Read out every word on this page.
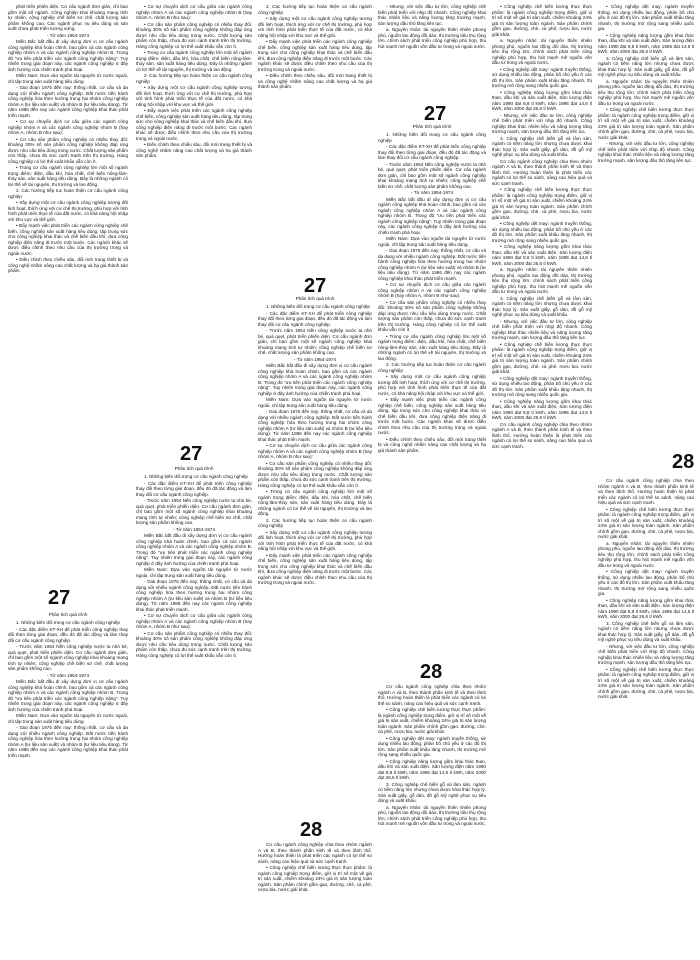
phát triển phiến diện. Cơ cấu ngành đơn giản, chỉ bao gồm một số ngành. Công nghiệp khai khoáng mang tính tự nhiên, công nghiệp chế biến sơ chế, chất lượng sản phẩm không cao. Các ngành phục vụ tiêu dùng và sản xuất chưa phát triển tương xứng.

- Từ năm 1954-1974

Miền Bắc bắt đầu đi xây dựng đơn vị cơ cấu ngành công nghiệp khá hoàn chỉnh, bao gồm cả các ngành công nghiệp nhóm A và các ngành công nghiệp nhóm B. Trong đó "ưu tiên phát triển các ngành công nghiệp nặng". Tuy nhiên trong giai đoạn này, các ngành công nghiệp ở đây ảnh hưởng của chiến tranh phá hoại.

Miền Nam: Dựa vào nguồn tài nguyên từ nước ngoài, chỉ tập trung sản xuất hàng tiêu dùng.

- Giai đoạn 1975 đến nay: thống nhất, cơ cấu và da dạng với nhiều ngành công nghiệp. Đất nước tiến hành công nghiệp hóa theo hướng trung hai nhóm công nghiệp nhóm A (tư liệu sản xuất) và nhóm B (tư liệu tiêu dùng). Từ năm 1986 đến nay các ngành công nghiệp khai thác phát triển mạnh.

• Cơ sự chuyển dịch cơ cấu giữa các ngành công nghiệp nhóm A và các ngành công nghiệp nhóm B (hay nhóm A, nhóm B như sau):

• Cơ cấu sản phẩm công nghiệp có nhiều thay đổi: khoảng 30% số sản phẩm công nghiệp không đáp ứng được nhu cầu tiêu dùng trong nước. Chất lượng sản phẩm còn thấp, chưa đủ sức cạnh tranh trên thị trường. Hàng công nghiệp có lợi thế xuất khẩu vẫn còn ít.

• Trong cơ cấu ngành công nghiệp lớn một số ngành trọng điểm: điện, dầu khí, hóa chất, chế biến nông-lâm-thủy sản, sản xuất hàng tiêu dùng. Đây là những ngành có lợi thế về tài nguyên, thị trường và lao động.

2. Các hướng tiếp tục hoàn thiện cơ cấu ngành công nghiệp

• Xây dựng một cơ cấu ngành công nghiệp tương đối linh hoạt, thích ứng với cơ chế thị trường, phù hợp với tình hình phát triển thực tế của đất nước, có khả năng hội nhập với khu vực và thế giới.

• Đẩy mạnh việc phát triển các ngành công nghiệp chế biến, công nghiệp sản xuất hàng tiêu dùng, tập trung sức cho công nghiệp khai thác và chế biến dầu khí, đưa công nghiệp điện năng đi trước một bước. Các ngành khác sẽ được điều chỉnh theo nhu cầu của thị trường trong và ngoài nước.

• Điều chỉnh theo chiều sâu, đổi mới trang thiết bị và công nghệ nhằm nâng cao chất lượng và hạ giá thành sản phẩm.

27
Phân tích quá trình

1. Những biến đổi trong cơ cấu ngành công nghiệp

- Các đặc điểm KT-XH để phát triển công nghiệp thay đổi theo từng giai đoạn, đều đó đã tác động và làm thay đổi cơ cấu ngành công nghiệp.

- Trước năm 1954 Nền công nghiệp nước ta nhỏ bé, quá quẹt, phát triển phiến diện. Cơ cấu ngành đơn giản, chỉ bao gồm một số ngành công nghiệp khai khoáng mang tính tự nhiên; công nghiệp chế biến sơ chế, chất lượng sản phẩm không cao.

- Từ năm 1954-1974

Miền Bắc bắt đầu đi xây dựng đơn vị cơ cấu ngành công nghiệp khá hoàn chỉnh, bao gồm cả các ngành công nghiệp nhóm A và các ngành công nghiệp nhóm B. Trong đó "ưu tiên phát triển các ngành công nghiệp nặng". Tuy nhiên trong giai đoạn này, các ngành công nghiệp ở đây ảnh hưởng của chiến tranh phá hoại.

Miền Nam: Dựa vào nguồn tài nguyên từ nước ngoài, chỉ tập trung sản xuất hàng tiêu dùng.

- Giai đoạn 1975 đến nay: thống nhất, cơ cấu và da dạng với nhiều ngành công nghiệp. Đất nước tiến hành công nghiệp hóa theo hướng trung hai nhóm công nghiệp nhóm A (tư liệu sản xuất) và nhóm B (tư liệu tiêu dùng). Từ năm 1986 đến nay các ngành công nghiệp khai thác phát triển mạnh.

• Cơ sự chuyển dịch cơ cấu giữa các ngành công nghiệp nhóm A và các ngành công nghiệp nhóm B (hay nhóm A, nhóm B như sau):

• Cơ cấu sản phẩm công nghiệp có nhiều thay đổi: khoảng 30% số sản phẩm công nghiệp không đáp ứng được nhu cầu tiêu dùng trong nước. Chất lượng sản phẩm còn thấp, chưa đủ sức cạnh tranh trên thị trường. Hàng công nghiệp có lợi thế xuất khẩu vẫn còn ít.

• Trong cơ cấu ngành công nghiệp lớn một số ngành trọng điểm: điện, dầu khí, hóa chất, chế biến nông-lâm-thủy sản, sản xuất hàng tiêu dùng. Đây là những ngành có lợi thế về tài nguyên, thị trường và lao động.

2. Các hướng tiếp tục hoàn thiện cơ cấu ngành công nghiệp

• Xây dựng một cơ cấu ngành công nghiệp tương đối linh hoạt, thích ứng với cơ chế thị trường, phù hợp với tình hình phát triển thực tế của đất nước, có khả năng hội nhập với khu vực và thế giới.

• Đẩy mạnh việc phát triển các ngành công nghiệp chế biến, công nghiệp sản xuất hàng tiêu dùng, tập trung sức cho công nghiệp khai thác và chế biến dầu khí, đưa công nghiệp điện năng đi trước một bước. Các ngành khác sẽ được điều chỉnh theo nhu cầu của thị trường trong và ngoài nước.

• Điều chỉnh theo chiều sâu, đổi mới trang thiết bị và công nghệ nhằm nâng cao chất lượng và hạ giá thành sản phẩm.

27
Phân tích quá trình

1. Những biến đổi trong cơ cấu ngành công nghiệp

- Các đặc điểm KT-XH để phát triển công nghiệp thay đổi theo từng giai đoạn, đều đó đã tác động và làm thay đổi cơ cấu ngành công nghiệp.

- Trước năm 1954 Nền công nghiệp nước ta nhỏ bé, quá quẹt, phát triển phiến diện. Cơ cấu ngành đơn giản, chỉ bao gồm một số ngành công nghiệp khai khoáng mang tính tự nhiên; công nghiệp chế biến sơ chế, chất lượng sản phẩm không cao.

- Từ năm 1954-1974

Miền Bắc bắt đầu đi xây dựng đơn vị cơ cấu ngành công nghiệp khá hoàn chỉnh, bao gồm cả các ngành công nghiệp nhóm A và các ngành công nghiệp nhóm B. Trong đó "ưu tiên phát triển các ngành công nghiệp nặng". Tuy nhiên trong giai đoạn này, các ngành công nghiệp ở đây ảnh hưởng của chiến tranh phá hoại.

Miền Nam: Dựa vào nguồn tài nguyên từ nước ngoài, chỉ tập trung sản xuất hàng tiêu dùng.

- Giai đoạn 1975 đến nay: thống nhất, cơ cấu và da dạng với nhiều ngành công nghiệp. Đất nước tiến hành công nghiệp hóa theo hướng trung hai nhóm công nghiệp nhóm A (tư liệu sản xuất) và nhóm B (tư liệu tiêu dùng). Từ năm 1986 đến nay các ngành công nghiệp khai thác phát triển mạnh.

• Cơ sự chuyển dịch cơ cấu giữa các ngành công nghiệp nhóm A và các ngành công nghiệp nhóm B (hay nhóm A, nhóm B như sau):

• Cơ cấu sản phẩm công nghiệp có nhiều thay đổi: khoảng 30% số sản phẩm công nghiệp không đáp ứng được nhu cầu tiêu dùng trong nước. Chất lượng sản phẩm còn thấp, chưa đủ sức cạnh tranh trên thị trường. Hàng công nghiệp có lợi thế xuất khẩu vẫn còn ít.

2. Các hướng tiếp tục hoàn thiện cơ cấu ngành công nghiệp

• Xây dựng một cơ cấu ngành công nghiệp tương đối linh hoạt, thích ứng với cơ chế thị trường, phù hợp với tình hình phát triển thực tế của đất nước, có khả năng hội nhập với khu vực và thế giới.

• Đẩy mạnh việc phát triển các ngành công nghiệp chế biến, công nghiệp sản xuất hàng tiêu dùng, tập trung sức cho công nghiệp khai thác và chế biến dầu khí, đưa công nghiệp điện năng đi trước một bước. Các ngành khác sẽ được điều chỉnh theo nhu cầu của thị trường trong và ngoài nước.

• Điều chỉnh theo chiều sâu, đổi mới trang thiết bị và công nghệ nhằm nâng cao chất lượng và hạ giá thành sản phẩm.

27
Phân tích quá trình

1. Những biến đổi trong cơ cấu ngành công nghiệp

- Các đặc điểm KT-XH để phát triển công nghiệp thay đổi theo từng giai đoạn, đều đó đã tác động và làm thay đổi cơ cấu ngành công nghiệp.

- Trước năm 1954 Nền công nghiệp nước ta nhỏ bé, quá quẹt, phát triển phiến diện. Cơ cấu ngành đơn giản, chỉ bao gồm một số ngành công nghiệp khai khoáng mang tính tự nhiên; công nghiệp chế biến sơ chế, chất lượng sản phẩm không cao.

- Từ năm 1954-1974

Miền Bắc bắt đầu đi xây dựng đơn vị cơ cấu ngành công nghiệp khá hoàn chỉnh, bao gồm cả các ngành công nghiệp nhóm A và các ngành công nghiệp nhóm B. Trong đó "ưu tiên phát triển các ngành công nghiệp nặng". Tuy nhiên trong giai đoạn này, các ngành công nghiệp ở đây ảnh hưởng của chiến tranh phá hoại.

Miền Nam: Dựa vào nguồn tài nguyên từ nước ngoài, chỉ tập trung sản xuất hàng tiêu dùng.

- Giai đoạn 1975 đến nay: thống nhất, cơ cấu và da dạng với nhiều ngành công nghiệp. Đất nước tiến hành công nghiệp hóa theo hướng trung hai nhóm công nghiệp nhóm A (tư liệu sản xuất) và nhóm B (tư liệu tiêu dùng). Từ năm 1986 đến nay các ngành công nghiệp khai thác phát triển mạnh.

• Cơ sự chuyển dịch cơ cấu giữa các ngành công nghiệp nhóm A và các ngành công nghiệp nhóm B (hay nhóm A, nhóm B như sau):

• Cơ cấu sản phẩm công nghiệp có nhiều thay đổi: khoảng 30% số sản phẩm công nghiệp không đáp ứng được nhu cầu tiêu dùng trong nước. Chất lượng sản phẩm còn thấp, chưa đủ sức cạnh tranh trên thị trường. Hàng công nghiệp có lợi thế xuất khẩu vẫn còn ít.

• Trong cơ cấu ngành công nghiệp lớn một số ngành trọng điểm: điện, dầu khí, hóa chất, chế biến nông-lâm-thủy sản, sản xuất hàng tiêu dùng. Đây là những ngành có lợi thế về tài nguyên, thị trường và lao động.

2. Các hướng tiếp tục hoàn thiện cơ cấu ngành công nghiệp

• Xây dựng một cơ cấu ngành công nghiệp tương đối linh hoạt, thích ứng với cơ chế thị trường, phù hợp với tình hình phát triển thực tế của đất nước, có khả năng hội nhập với khu vực và thế giới.

• Đẩy mạnh việc phát triển các ngành công nghiệp chế biến, công nghiệp sản xuất hàng tiêu dùng, tập trung sức cho công nghiệp khai thác và chế biến dầu khí, đưa công nghiệp điện năng đi trước một bước. Các ngành khác sẽ được điều chỉnh theo nhu cầu của thị trường trong và ngoài nước.

28

Cơ cấu ngành công nghiệp chia theo nhóm ngành A và B, theo thành phần kinh tế và theo lãnh thổ. Hướng hoàn thiện là phát triển các ngành có lợi thế so sánh, nâng cao hiệu quả và sức cạnh tranh.

• Công nghiệp chế biến lương thực thực phẩm: là ngành công nghiệp trọng điểm, giữ vị trí số một về giá trị sản xuất, chiếm khoảng 24% giá trị sản lượng toàn ngành. Sản phẩm chính gồm gạo, đường, chè, cà phê, rượu bia, nước giải khát.

- Nhưng, với việc đầu tư lớn, công nghiệp chế biến phát triển với nhịp độ nhanh. Công nghiệp khai thác nhiên liệu và năng lượng tăng trưởng mạnh, sản lượng dầu thô tăng liên tục.

a. Nguyên nhân: tài nguyên thiên nhiên phong phú, nguồn lao động dồi dào, thị trường tiêu thụ rộng lớn, chính sách phát triển công nghiệp phù hợp, thu hút mạnh mẽ nguồn vốn đầu tư trong và ngoài nước.

27
Phân tích quá trình

1. Những biến đổi trong cơ cấu ngành công nghiệp

- Các đặc điểm KT-XH để phát triển công nghiệp thay đổi theo từng giai đoạn, đều đó đã tác động và làm thay đổi cơ cấu ngành công nghiệp.

- Trước năm 1954 Nền công nghiệp nước ta nhỏ bé, quá quẹt, phát triển phiến diện. Cơ cấu ngành đơn giản, chỉ bao gồm một số ngành công nghiệp khai khoáng mang tính tự nhiên; công nghiệp chế biến sơ chế, chất lượng sản phẩm không cao.

- Từ năm 1954-1974

Miền Bắc bắt đầu đi xây dựng đơn vị cơ cấu ngành công nghiệp khá hoàn chỉnh, bao gồm cả các ngành công nghiệp nhóm A và các ngành công nghiệp nhóm B. Trong đó "ưu tiên phát triển các ngành công nghiệp nặng". Tuy nhiên trong giai đoạn này, các ngành công nghiệp ở đây ảnh hưởng của chiến tranh phá hoại.

Miền Nam: Dựa vào nguồn tài nguyên từ nước ngoài, chỉ tập trung sản xuất hàng tiêu dùng.

- Giai đoạn 1975 đến nay: thống nhất, cơ cấu và da dạng với nhiều ngành công nghiệp. Đất nước tiến hành công nghiệp hóa theo hướng trung hai nhóm công nghiệp nhóm A (tư liệu sản xuất) và nhóm B (tư liệu tiêu dùng). Từ năm 1986 đến nay các ngành công nghiệp khai thác phát triển mạnh.

• Cơ sự chuyển dịch cơ cấu giữa các ngành công nghiệp nhóm A và các ngành công nghiệp nhóm B (hay nhóm A, nhóm B như sau):

• Cơ cấu sản phẩm công nghiệp có nhiều thay đổi: khoảng 30% số sản phẩm công nghiệp không đáp ứng được nhu cầu tiêu dùng trong nước. Chất lượng sản phẩm còn thấp, chưa đủ sức cạnh tranh trên thị trường. Hàng công nghiệp có lợi thế xuất khẩu vẫn còn ít.

• Trong cơ cấu ngành công nghiệp lớn một số ngành trọng điểm: điện, dầu khí, hóa chất, chế biến nông-lâm-thủy sản, sản xuất hàng tiêu dùng. Đây là những ngành có lợi thế về tài nguyên, thị trường và lao động.

2. Các hướng tiếp tục hoàn thiện cơ cấu ngành công nghiệp

• Xây dựng một cơ cấu ngành công nghiệp tương đối linh hoạt, thích ứng với cơ chế thị trường, phù hợp với tình hình phát triển thực tế của đất nước, có khả năng hội nhập với khu vực và thế giới.

• Đẩy mạnh việc phát triển các ngành công nghiệp chế biến, công nghiệp sản xuất hàng tiêu dùng, tập trung sức cho công nghiệp khai thác và chế biến dầu khí, đưa công nghiệp điện năng đi trước một bước. Các ngành khác sẽ được điều chỉnh theo nhu cầu của thị trường trong và ngoài nước.

• Điều chỉnh theo chiều sâu, đổi mới trang thiết bị và công nghệ nhằm nâng cao chất lượng và hạ giá thành sản phẩm.

28

Cơ cấu ngành công nghiệp chia theo nhóm ngành A và B, theo thành phần kinh tế và theo lãnh thổ. Hướng hoàn thiện là phát triển các ngành có lợi thế so sánh, nâng cao hiệu quả và sức cạnh tranh.

• Công nghiệp chế biến lương thực thực phẩm: là ngành công nghiệp trọng điểm, giữ vị trí số một về giá trị sản xuất, chiếm khoảng 24% giá trị sản lượng toàn ngành. Sản phẩm chính gồm gạo, đường, chè, cà phê, rượu bia, nước giải khát.

• Công nghiệp dệt may: ngành truyền thống, sử dụng nhiều lao động, phân bố chủ yếu ở các đô thị lớn. Sản phẩm xuất khẩu tăng nhanh, thị trường mở rộng sang nhiều quốc gia.

• Công nghiệp năng lượng gồm khai thác than, dầu khí và sản xuất điện. Sản lượng điện năm 1990 đạt 8,8 tỉ kWh, năm 1995 đạt 14,6 tỉ kWh, năm 2000 đạt 26,6 tỉ kWh.

3. Công nghiệp chế biến gỗ và lâm sản, ngành có tiềm năng lớn nhưng chưa được khai thác hợp lý. Sản xuất giấy, gỗ dán, đồ gỗ mỹ nghệ phục vụ tiêu dùng và xuất khẩu.

a. Nguyên nhân: tài nguyên thiên nhiên phong phú, nguồn lao động dồi dào, thị trường tiêu thụ rộng lớn, chính sách phát triển công nghiệp phù hợp, thu hút mạnh mẽ nguồn vốn đầu tư trong và ngoài nước.

• Công nghiệp chế biến lương thực thực phẩm: là ngành công nghiệp trọng điểm, giữ vị trí số một về giá trị sản xuất, chiếm khoảng 24% giá trị sản lượng toàn ngành. Sản phẩm chính gồm gạo, đường, chè, cà phê, rượu bia, nước giải khát.

a. Nguyên nhân: tài nguyên thiên nhiên phong phú, nguồn lao động dồi dào, thị trường tiêu thụ rộng lớn, chính sách phát triển công nghiệp phù hợp, thu hút mạnh mẽ nguồn vốn đầu tư trong và ngoài nước.

• Công nghiệp dệt may: ngành truyền thống, sử dụng nhiều lao động, phân bố chủ yếu ở các đô thị lớn. Sản phẩm xuất khẩu tăng nhanh, thị trường mở rộng sang nhiều quốc gia.

• Công nghiệp năng lượng gồm khai thác than, dầu khí và sản xuất điện. Sản lượng điện năm 1990 đạt 8,8 tỉ kWh, năm 1995 đạt 14,6 tỉ kWh, năm 2000 đạt 26,6 tỉ kWh.

- Nhưng, với việc đầu tư lớn, công nghiệp chế biến phát triển với nhịp độ nhanh. Công nghiệp khai thác nhiên liệu và năng lượng tăng trưởng mạnh, sản lượng dầu thô tăng liên tục.

3. Công nghiệp chế biến gỗ và lâm sản, ngành có tiềm năng lớn nhưng chưa được khai thác hợp lý. Sản xuất giấy, gỗ dán, đồ gỗ mỹ nghệ phục vụ tiêu dùng và xuất khẩu.

Cơ cấu ngành công nghiệp chia theo nhóm ngành A và B, theo thành phần kinh tế và theo lãnh thổ. Hướng hoàn thiện là phát triển các ngành có lợi thế so sánh, nâng cao hiệu quả và sức cạnh tranh.

• Công nghiệp chế biến lương thực thực phẩm: là ngành công nghiệp trọng điểm, giữ vị trí số một về giá trị sản xuất, chiếm khoảng 24% giá trị sản lượng toàn ngành. Sản phẩm chính gồm gạo, đường, chè, cà phê, rượu bia, nước giải khát.

• Công nghiệp dệt may: ngành truyền thống, sử dụng nhiều lao động, phân bố chủ yếu ở các đô thị lớn. Sản phẩm xuất khẩu tăng nhanh, thị trường mở rộng sang nhiều quốc gia.

• Công nghiệp năng lượng gồm khai thác than, dầu khí và sản xuất điện. Sản lượng điện năm 1990 đạt 8,8 tỉ kWh, năm 1995 đạt 14,6 tỉ kWh, năm 2000 đạt 26,6 tỉ kWh.

a. Nguyên nhân: tài nguyên thiên nhiên phong phú, nguồn lao động dồi dào, thị trường tiêu thụ rộng lớn, chính sách phát triển công nghiệp phù hợp, thu hút mạnh mẽ nguồn vốn đầu tư trong và ngoài nước.

3. Công nghiệp chế biến gỗ và lâm sản, ngành có tiềm năng lớn nhưng chưa được khai thác hợp lý. Sản xuất giấy, gỗ dán, đồ gỗ mỹ nghệ phục vụ tiêu dùng và xuất khẩu.

- Nhưng, với việc đầu tư lớn, công nghiệp chế biến phát triển với nhịp độ nhanh. Công nghiệp khai thác nhiên liệu và năng lượng tăng trưởng mạnh, sản lượng dầu thô tăng liên tục.

• Công nghiệp chế biến lương thực thực phẩm: là ngành công nghiệp trọng điểm, giữ vị trí số một về giá trị sản xuất, chiếm khoảng 24% giá trị sản lượng toàn ngành. Sản phẩm chính gồm gạo, đường, chè, cà phê, rượu bia, nước giải khát.

• Công nghiệp dệt may: ngành truyền thống, sử dụng nhiều lao động, phân bố chủ yếu ở các đô thị lớn. Sản phẩm xuất khẩu tăng nhanh, thị trường mở rộng sang nhiều quốc gia.

• Công nghiệp năng lượng gồm khai thác than, dầu khí và sản xuất điện. Sản lượng điện năm 1990 đạt 8,8 tỉ kWh, năm 1995 đạt 14,6 tỉ kWh, năm 2000 đạt 26,6 tỉ kWh.

Cơ cấu ngành công nghiệp chia theo nhóm ngành A và B, theo thành phần kinh tế và theo lãnh thổ. Hướng hoàn thiện là phát triển các ngành có lợi thế so sánh, nâng cao hiệu quả và sức cạnh tranh.

• Công nghiệp dệt may: ngành truyền thống, sử dụng nhiều lao động, phân bố chủ yếu ở các đô thị lớn. Sản phẩm xuất khẩu tăng nhanh, thị trường mở rộng sang nhiều quốc gia.

• Công nghiệp năng lượng gồm khai thác than, dầu khí và sản xuất điện. Sản lượng điện năm 1990 đạt 8,8 tỉ kWh, năm 1995 đạt 14,6 tỉ kWh, năm 2000 đạt 26,6 tỉ kWh.

3. Công nghiệp chế biến gỗ và lâm sản, ngành có tiềm năng lớn nhưng chưa được khai thác hợp lý. Sản xuất giấy, gỗ dán, đồ gỗ mỹ nghệ phục vụ tiêu dùng và xuất khẩu.

a. Nguyên nhân: tài nguyên thiên nhiên phong phú, nguồn lao động dồi dào, thị trường tiêu thụ rộng lớn, chính sách phát triển công nghiệp phù hợp, thu hút mạnh mẽ nguồn vốn đầu tư trong và ngoài nước.

• Công nghiệp chế biến lương thực thực phẩm: là ngành công nghiệp trọng điểm, giữ vị trí số một về giá trị sản xuất, chiếm khoảng 24% giá trị sản lượng toàn ngành. Sản phẩm chính gồm gạo, đường, chè, cà phê, rượu bia, nước giải khát.

- Nhưng, với việc đầu tư lớn, công nghiệp chế biến phát triển với nhịp độ nhanh. Công nghiệp khai thác nhiên liệu và năng lượng tăng trưởng mạnh, sản lượng dầu thô tăng liên tục.

28

Cơ cấu ngành công nghiệp chia theo nhóm ngành A và B, theo thành phần kinh tế và theo lãnh thổ. Hướng hoàn thiện là phát triển các ngành có lợi thế so sánh, nâng cao hiệu quả và sức cạnh tranh.

• Công nghiệp chế biến lương thực thực phẩm: là ngành công nghiệp trọng điểm, giữ vị trí số một về giá trị sản xuất, chiếm khoảng 24% giá trị sản lượng toàn ngành. Sản phẩm chính gồm gạo, đường, chè, cà phê, rượu bia, nước giải khát.

a. Nguyên nhân: tài nguyên thiên nhiên phong phú, nguồn lao động dồi dào, thị trường tiêu thụ rộng lớn, chính sách phát triển công nghiệp phù hợp, thu hút mạnh mẽ nguồn vốn đầu tư trong và ngoài nước.

• Công nghiệp dệt may: ngành truyền thống, sử dụng nhiều lao động, phân bố chủ yếu ở các đô thị lớn. Sản phẩm xuất khẩu tăng nhanh, thị trường mở rộng sang nhiều quốc gia.

• Công nghiệp năng lượng gồm khai thác than, dầu khí và sản xuất điện. Sản lượng điện năm 1990 đạt 8,8 tỉ kWh, năm 1995 đạt 14,6 tỉ kWh, năm 2000 đạt 26,6 tỉ kWh.

3. Công nghiệp chế biến gỗ và lâm sản, ngành có tiềm năng lớn nhưng chưa được khai thác hợp lý. Sản xuất giấy, gỗ dán, đồ gỗ mỹ nghệ phục vụ tiêu dùng và xuất khẩu.

- Nhưng, với việc đầu tư lớn, công nghiệp chế biến phát triển với nhịp độ nhanh. Công nghiệp khai thác nhiên liệu và năng lượng tăng trưởng mạnh, sản lượng dầu thô tăng liên tục.

• Công nghiệp chế biến lương thực thực phẩm: là ngành công nghiệp trọng điểm, giữ vị trí số một về giá trị sản xuất, chiếm khoảng 24% giá trị sản lượng toàn ngành. Sản phẩm chính gồm gạo, đường, chè, cà phê, rượu bia, nước giải khát.
